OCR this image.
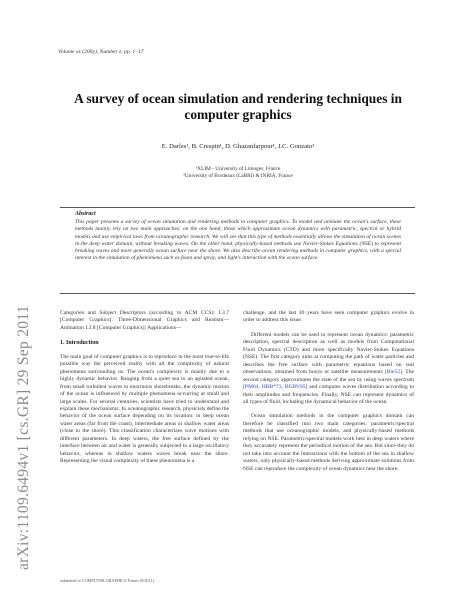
arXiv:1109.6494v1 [cs.GR] 29 Sep 2011
Volume xx (200y), Number z, pp. 1–17
A survey of ocean simulation and rendering techniques in computer graphics
E. Darles¹, B. Crespin¹, D. Ghazanfarpour¹, J.C. Gonzato²
¹XLIM - University of Limoges, France
²University of Bordeaux (LaBRI) & INRIA, France
Abstract
This paper presents a survey of ocean simulation and rendering methods in computer graphics. To model and animate the ocean's surface, these methods mainly rely on two main approaches: on the one hand, those which approximate ocean dynamics with parametric, spectral or hybrid models and use empirical laws from oceanographic research. We will see that this type of methods essentially allows the simulation of ocean scenes in the deep water domain, without breaking waves. On the other hand, physically-based methods use Navier-Stokes Equations (NSE) to represent breaking waves and more generally ocean surface near the shore. We also describe ocean rendering methods in computer graphics, with a special interest in the simulation of phenomena such as foam and spray, and light's interaction with the ocean surface.

Categories and Subject Descriptors (according to ACM CCS): I.3.7 [Computer Graphics]: Three-Dimensional Graphics and Realism—Animation I.3.8 [Computer Graphics]: Applications—

1. Introduction

The main goal of computer graphics is to reproduce in the most true-to-life possible way the perceived reality with all the complexity of natural phenomena surrounding us. The ocean's complexity is mainly due to a highly dynamic behavior. Ranging from a quiet sea to an agitated ocean, from small turbulent waves to enormous shorebreaks, the dynamic motion of the ocean is influenced by multiple phenomena occurring at small and large scales. For several centuries, scientists have tried to understand and explain these mechanisms. In oceanographic research, physicists define the behavior of the ocean surface depending on its location: in deep ocean water areas (far from the coast), intermediate areas or shallow water areas (close to the shore). This classification characterizes wave motions with different parameters. In deep waters, the free surface defined by the interface between air and water is generally subjected to a large oscillatory behavior, whereas in shallow waters waves break near the shore. Representing the visual complexity of these phenomena is a

challenge, and the last 30 years have seen computer graphics evolve in order to address this issue.

Different models can be used to represent ocean dynamics: parametric description, spectral description as well as models from Computational Fluid Dynamics (CTD) and more specifically Navier-Stokes Equations (NSE). The first category aims at computing the path of water particles and describes the free surface with parametric equations based on real observations, obtained from buoys or satellite measurements [Bie52]. The second category approximates the state of the sea by using waves spectrum [PM64, HBB*73, BGRV85] and computes waves distribution according to their amplitudes and frequencies. Finally, NSE can represent dynamics of all types of fluid, including the dynamical behavior of the ocean.

Ocean simulation methods in the computer graphics domain can therefore be classified into two main categories: parametric/spectral methods that use oceanographic models, and physically-based methods relying on NSE. Parametric/spectral models work best in deep waters where they accurately represent the periodical motion of the sea. But since they do not take into account the interactions with the bottom of the sea in shallow waters, only physically-based methods deriving approximate solutions from NSE can reproduce the complexity of ocean dynamics near the shore.

submitted to COMPUTER GRAPHICS Forum (9/2011).
